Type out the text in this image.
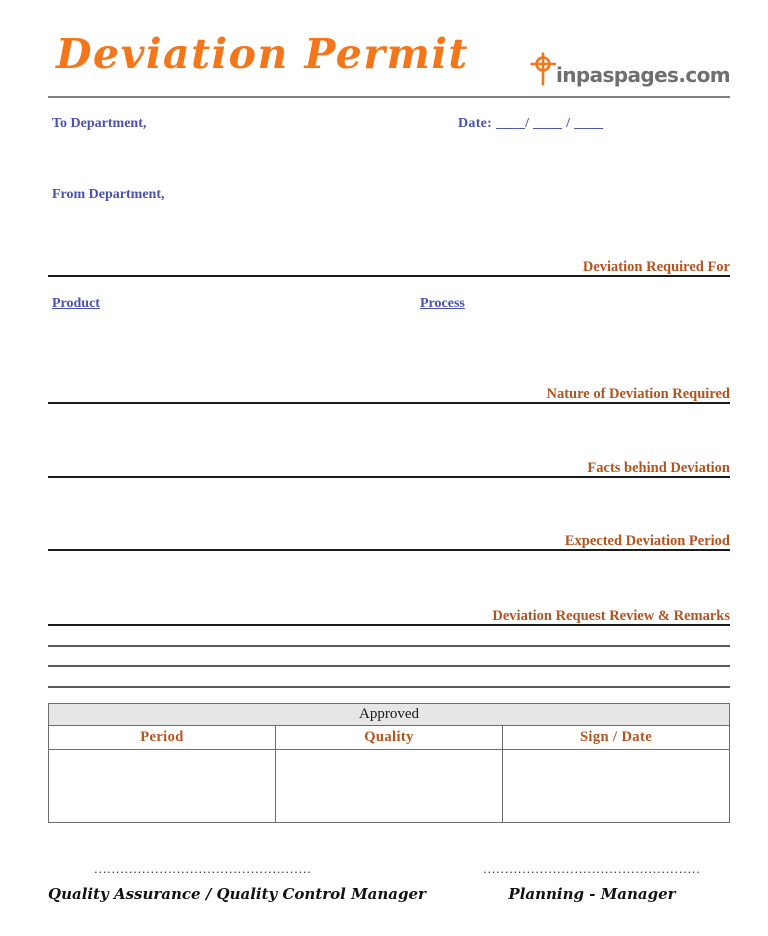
Deviation Permit	inpaspages.com
To Department,	Date: ____/ ____ / ____
From Department,
Deviation Required For
Product	Process
Nature of Deviation Required
Facts behind Deviation
Expected Deviation Period
Deviation Request Review & Remarks
Approved		
Period	Quality	Sign / Date

..................................................
Quality Assurance / Quality Control Manager
..................................................
Planning - Manager
